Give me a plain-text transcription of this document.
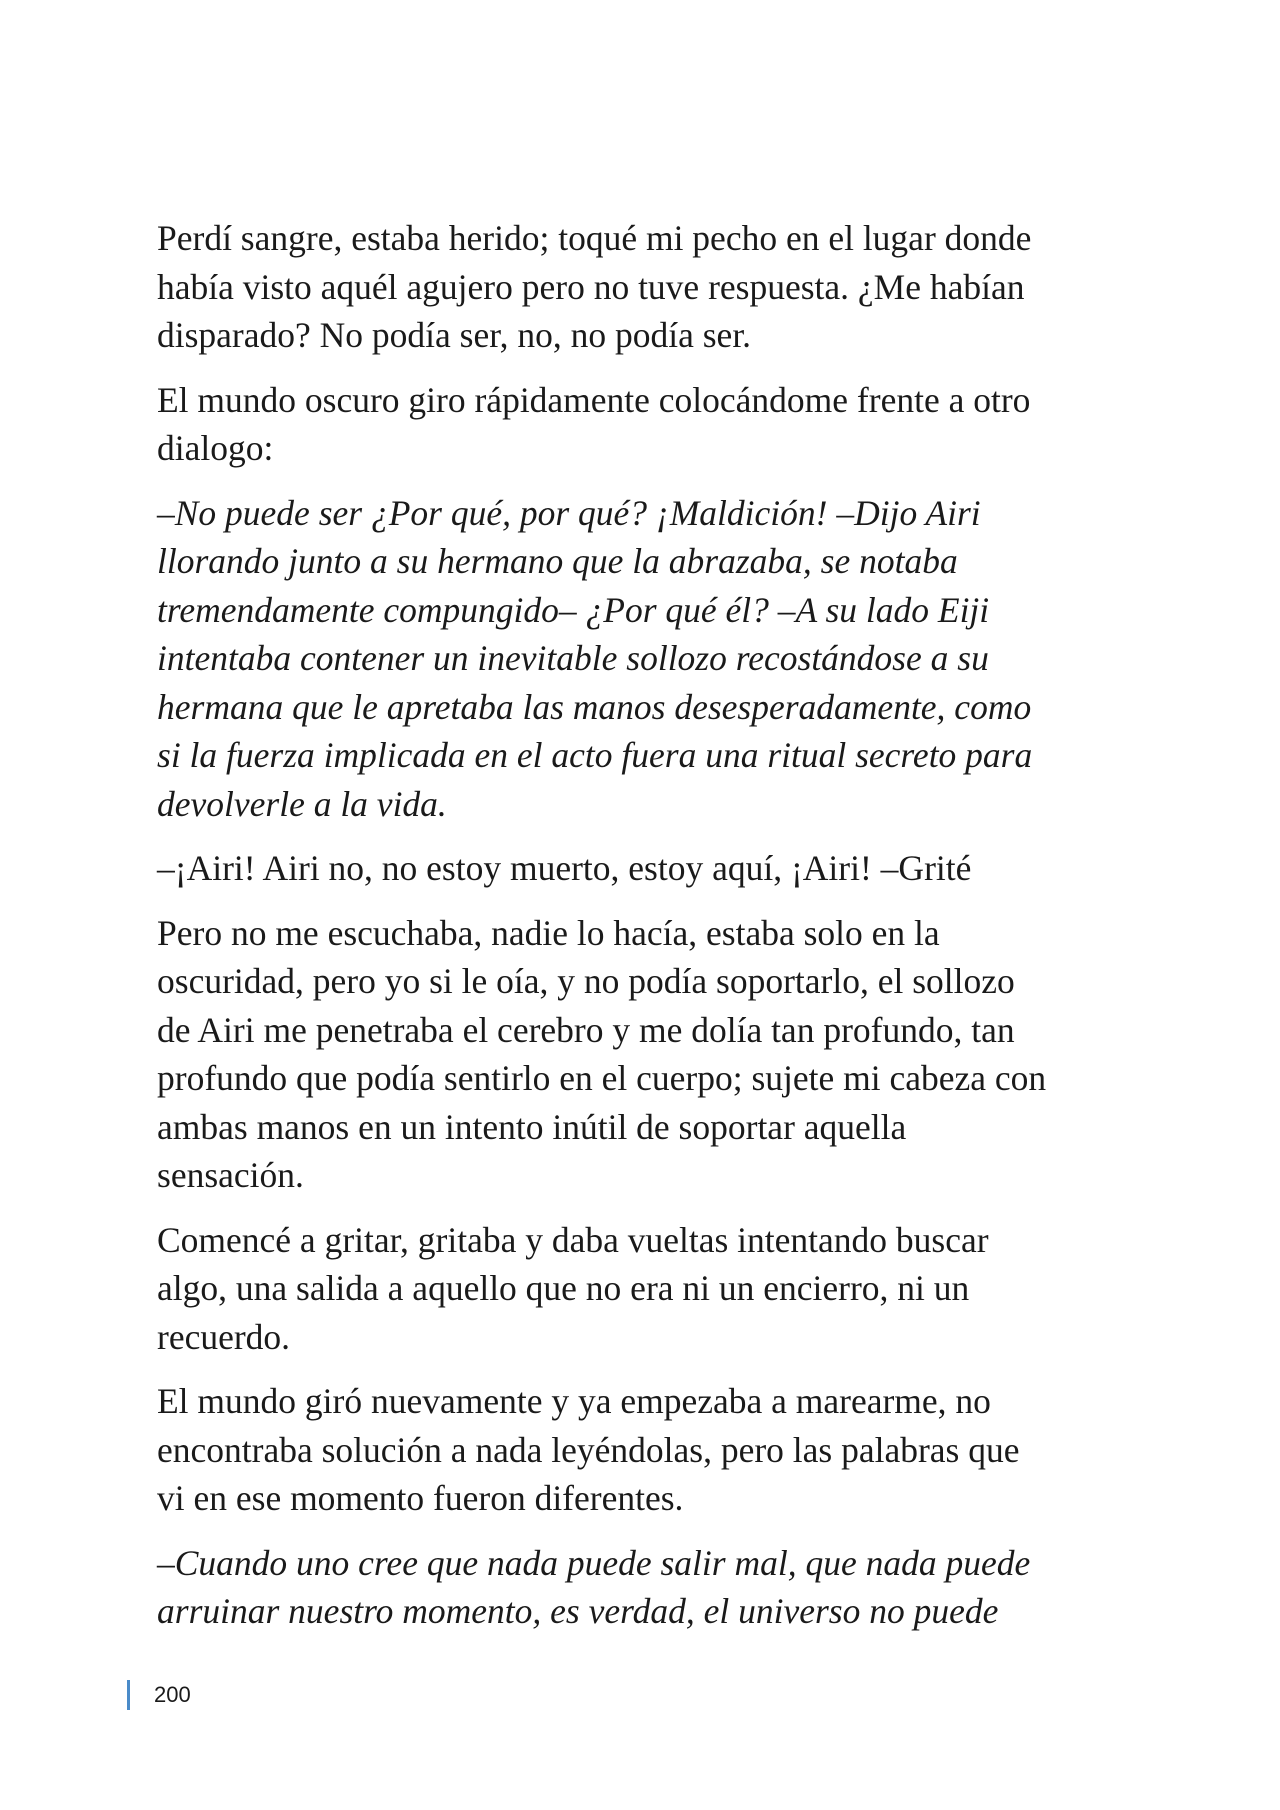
Perdí sangre, estaba herido; toqué mi pecho en el lugar donde
había visto aquél agujero pero no tuve respuesta. ¿Me habían
disparado? No podía ser, no, no podía ser.

El mundo oscuro giro rápidamente colocándome frente a otro
dialogo:

–No puede ser ¿Por qué, por qué? ¡Maldición! –Dijo Airi
llorando junto a su hermano que la abrazaba, se notaba
tremendamente compungido– ¿Por qué él? –A su lado Eiji
intentaba contener un inevitable sollozo recostándose a su
hermana que le apretaba las manos desesperadamente, como
si la fuerza implicada en el acto fuera una ritual secreto para
devolverle a la vida.

–¡Airi! Airi no, no estoy muerto, estoy aquí, ¡Airi! –Grité

Pero no me escuchaba, nadie lo hacía, estaba solo en la
oscuridad, pero yo si le oía, y no podía soportarlo, el sollozo
de Airi me penetraba el cerebro y me dolía tan profundo, tan
profundo que podía sentirlo en el cuerpo; sujete mi cabeza con
ambas manos en un intento inútil de soportar aquella
sensación.

Comencé a gritar, gritaba y daba vueltas intentando buscar
algo, una salida a aquello que no era ni un encierro, ni un
recuerdo.

El mundo giró nuevamente y ya empezaba a marearme, no
encontraba solución a nada leyéndolas, pero las palabras que
vi en ese momento fueron diferentes.

–Cuando uno cree que nada puede salir mal, que nada puede
arruinar nuestro momento, es verdad, el universo no puede

200
